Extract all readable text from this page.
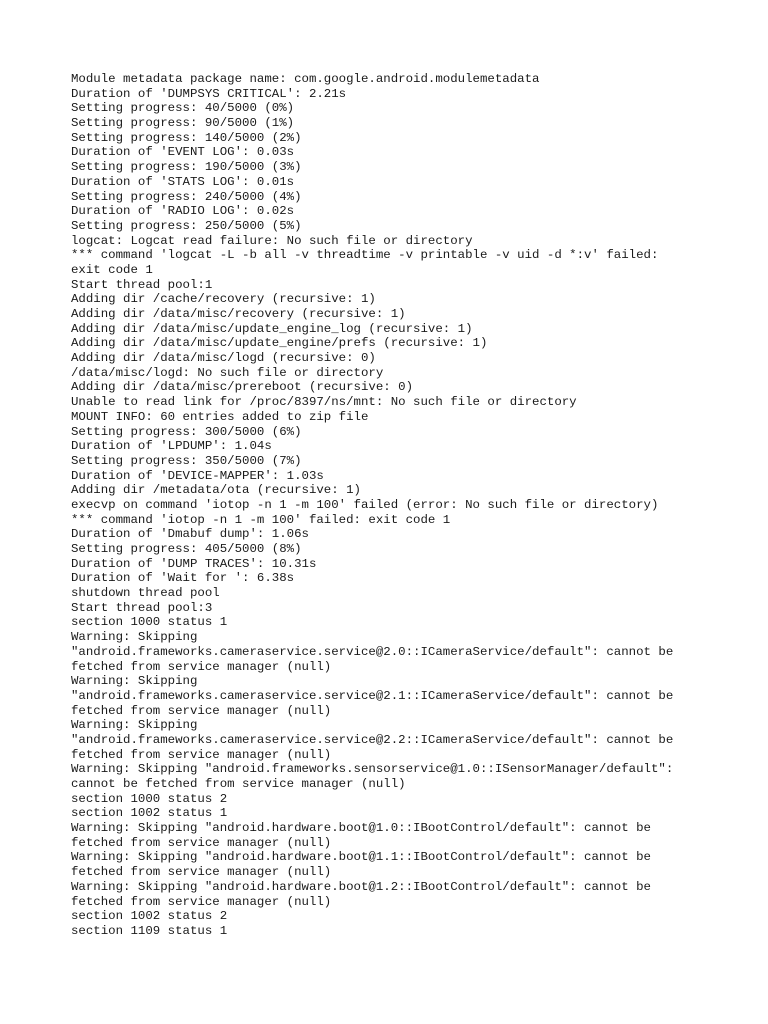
Module metadata package name: com.google.android.modulemetadata
Duration of 'DUMPSYS CRITICAL': 2.21s
Setting progress: 40/5000 (0%)
Setting progress: 90/5000 (1%)
Setting progress: 140/5000 (2%)
Duration of 'EVENT LOG': 0.03s
Setting progress: 190/5000 (3%)
Duration of 'STATS LOG': 0.01s
Setting progress: 240/5000 (4%)
Duration of 'RADIO LOG': 0.02s
Setting progress: 250/5000 (5%)
logcat: Logcat read failure: No such file or directory
*** command 'logcat -L -b all -v threadtime -v printable -v uid -d *:v' failed:
exit code 1
Start thread pool:1
Adding dir /cache/recovery (recursive: 1)
Adding dir /data/misc/recovery (recursive: 1)
Adding dir /data/misc/update_engine_log (recursive: 1)
Adding dir /data/misc/update_engine/prefs (recursive: 1)
Adding dir /data/misc/logd (recursive: 0)
/data/misc/logd: No such file or directory
Adding dir /data/misc/prereboot (recursive: 0)
Unable to read link for /proc/8397/ns/mnt: No such file or directory
MOUNT INFO: 60 entries added to zip file
Setting progress: 300/5000 (6%)
Duration of 'LPDUMP': 1.04s
Setting progress: 350/5000 (7%)
Duration of 'DEVICE-MAPPER': 1.03s
Adding dir /metadata/ota (recursive: 1)
execvp on command 'iotop -n 1 -m 100' failed (error: No such file or directory)
*** command 'iotop -n 1 -m 100' failed: exit code 1
Duration of 'Dmabuf dump': 1.06s
Setting progress: 405/5000 (8%)
Duration of 'DUMP TRACES': 10.31s
Duration of 'Wait for ': 6.38s
shutdown thread pool
Start thread pool:3
section 1000 status 1
Warning: Skipping
"android.frameworks.cameraservice.service@2.0::ICameraService/default": cannot be
fetched from service manager (null)
Warning: Skipping
"android.frameworks.cameraservice.service@2.1::ICameraService/default": cannot be
fetched from service manager (null)
Warning: Skipping
"android.frameworks.cameraservice.service@2.2::ICameraService/default": cannot be
fetched from service manager (null)
Warning: Skipping "android.frameworks.sensorservice@1.0::ISensorManager/default":
cannot be fetched from service manager (null)
section 1000 status 2
section 1002 status 1
Warning: Skipping "android.hardware.boot@1.0::IBootControl/default": cannot be
fetched from service manager (null)
Warning: Skipping "android.hardware.boot@1.1::IBootControl/default": cannot be
fetched from service manager (null)
Warning: Skipping "android.hardware.boot@1.2::IBootControl/default": cannot be
fetched from service manager (null)
section 1002 status 2
section 1109 status 1
